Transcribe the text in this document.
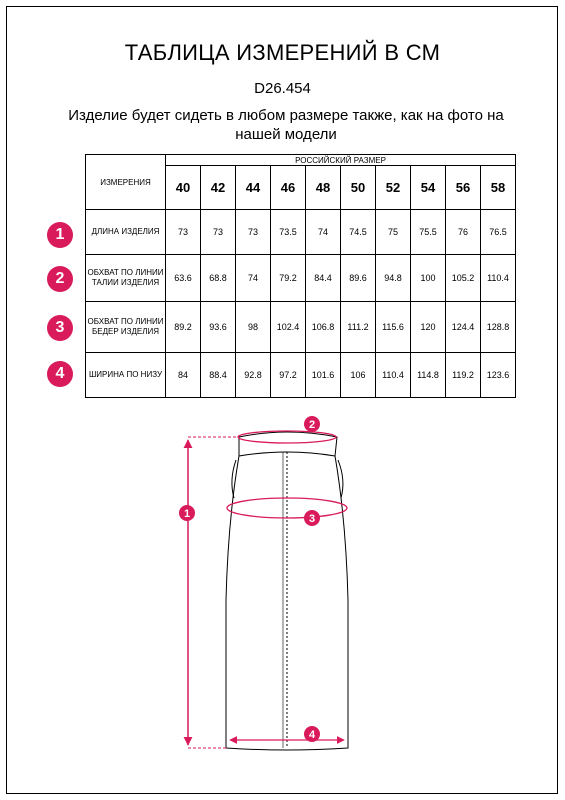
ТАБЛИЦА ИЗМЕРЕНИЙ В СМ
D26.454
Изделие будет сидеть в любом размере также, как на фото на нашей модели
1
2
3
4
ИЗМЕРЕНИЯ	РОССИЙСКИЙ РАЗМЕР									
	40	42	44	46	48	50	52	54	56	58
ДЛИНА ИЗДЕЛИЯ	73	73	73	73.5	74	74.5	75	75.5	76	76.5
ОБХВАТ ПО ЛИНИИ ТАЛИИ ИЗДЕЛИЯ	63.6	68.8	74	79.2	84.4	89.6	94.8	100	105.2	110.4
ОБХВАТ ПО ЛИНИИ БЕДЕР ИЗДЕЛИЯ	89.2	93.6	98	102.4	106.8	111.2	115.6	120	124.4	128.8
ШИРИНА ПО НИЗУ	84	88.4	92.8	97.2	101.6	106	110.4	114.8	119.2	123.6
2
1	3
4
